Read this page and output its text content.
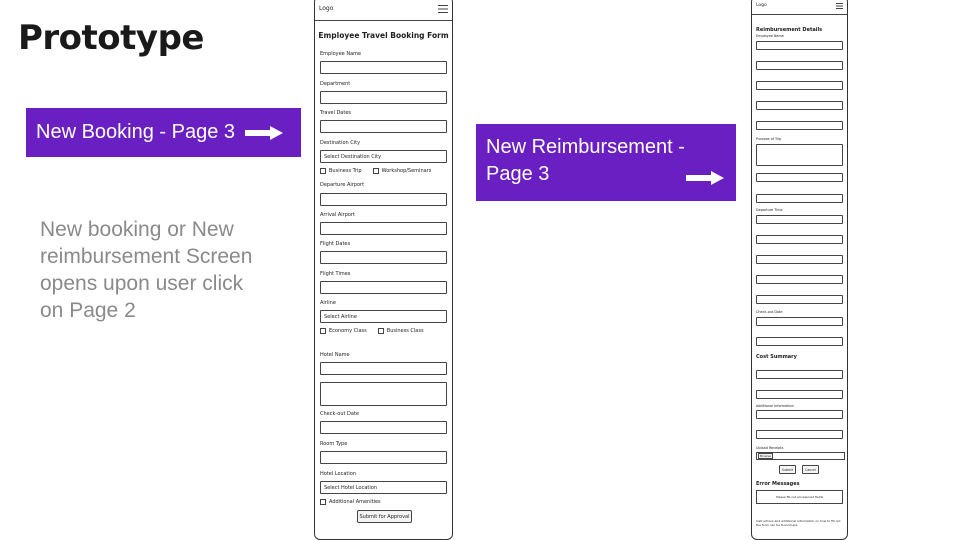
Prototype
New Booking - Page 3
New booking or New reimbursement Screen opens upon user click on Page 2
New Reimbursement -
Page 3
Logo
Employee Travel Booking Form
Employee Name
Department
Travel Dates
Destination City
Select Destination City
Business Trip	Workshop/Seminars
Departure Airport
Arrival Airport
Flight Dates
Flight Times
Airline
Select Airline
Economy Class	Business Class
Hotel Name
Check-out Date
Room Type
Hotel Location
Select Hotel Location
Additional Amenities
Submit for Approval
Logo
Reimbursement Details
Employee Name
Purpose of Trip
Departure Time
Check-out Date
Cost Summary
Additional Information
Upload Receipts
Browse
Submit	Cancel
Error Messages
Please fill out all required fields
Instructions and additional information on how to fill out the form can be found here.
